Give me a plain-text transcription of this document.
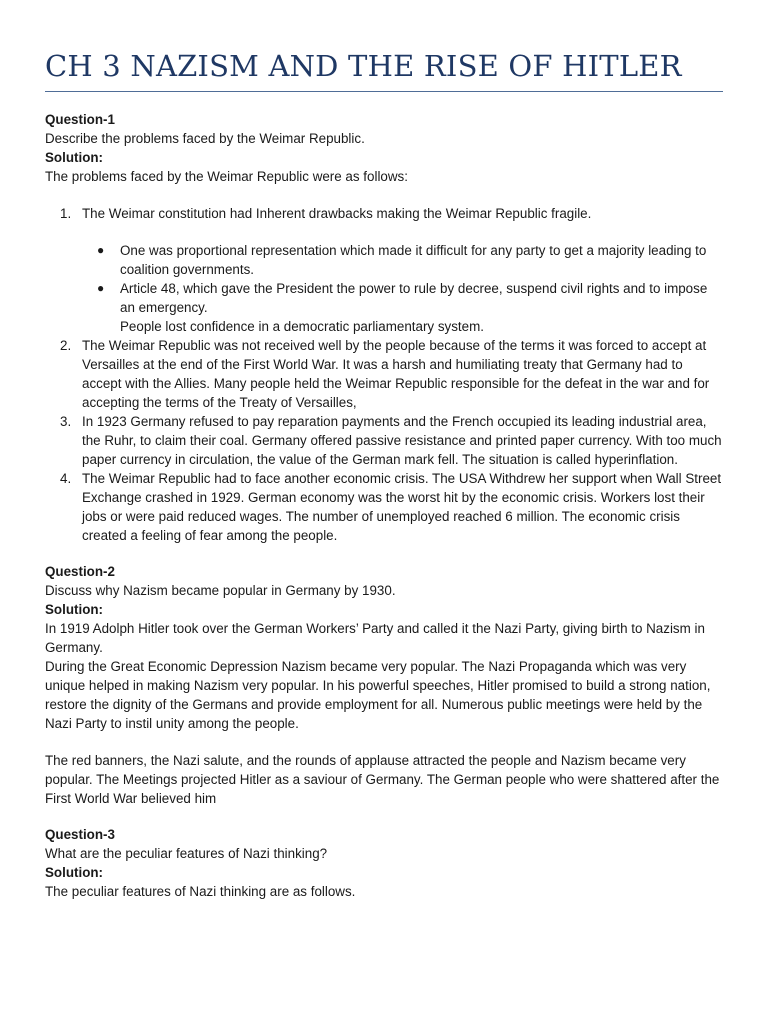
CH 3 NAZISM AND THE RISE OF HITLER

Question-1

Describe the problems faced by the Weimar Republic.

Solution:

The problems faced by the Weimar Republic were as follows:

1. The Weimar constitution had Inherent drawbacks making the Weimar Republic fragile.
● One was proportional representation which made it difficult for any party to get a majority leading to coalition governments.
● Article 48, which gave the President the power to rule by decree, suspend civil rights and to impose an emergency.
People lost confidence in a democratic parliamentary system.
2. The Weimar Republic was not received well by the people because of the terms it was forced to accept at Versailles at the end of the First World War. It was a harsh and humiliating treaty that Germany had to accept with the Allies. Many people held the Weimar Republic responsible for the defeat in the war and for accepting the terms of the Treaty of Versailles,
3. In 1923 Germany refused to pay reparation payments and the French occupied its leading industrial area, the Ruhr, to claim their coal. Germany offered passive resistance and printed paper currency. With too much paper currency in circulation, the value of the German mark fell. The situation is called hyperinflation.
4. The Weimar Republic had to face another economic crisis. The USA Withdrew her support when Wall Street Exchange crashed in 1929. German economy was the worst hit by the economic crisis. Workers lost their jobs or were paid reduced wages. The number of unemployed reached 6 million. The economic crisis created a feeling of fear among the people.

Question-2

Discuss why Nazism became popular in Germany by 1930.

Solution:

In 1919 Adolph Hitler took over the German Workers’ Party and called it the Nazi Party, giving birth to Nazism in Germany.

During the Great Economic Depression Nazism became very popular. The Nazi Propaganda which was very unique helped in making Nazism very popular. In his powerful speeches, Hitler promised to build a strong nation, restore the dignity of the Germans and provide employment for all. Numerous public meetings were held by the Nazi Party to instil unity among the people.

The red banners, the Nazi salute, and the rounds of applause attracted the people and Nazism became very popular. The Meetings projected Hitler as a saviour of Germany. The German people who were shattered after the First World War believed him

Question-3

What are the peculiar features of Nazi thinking?

Solution:

The peculiar features of Nazi thinking are as follows.
